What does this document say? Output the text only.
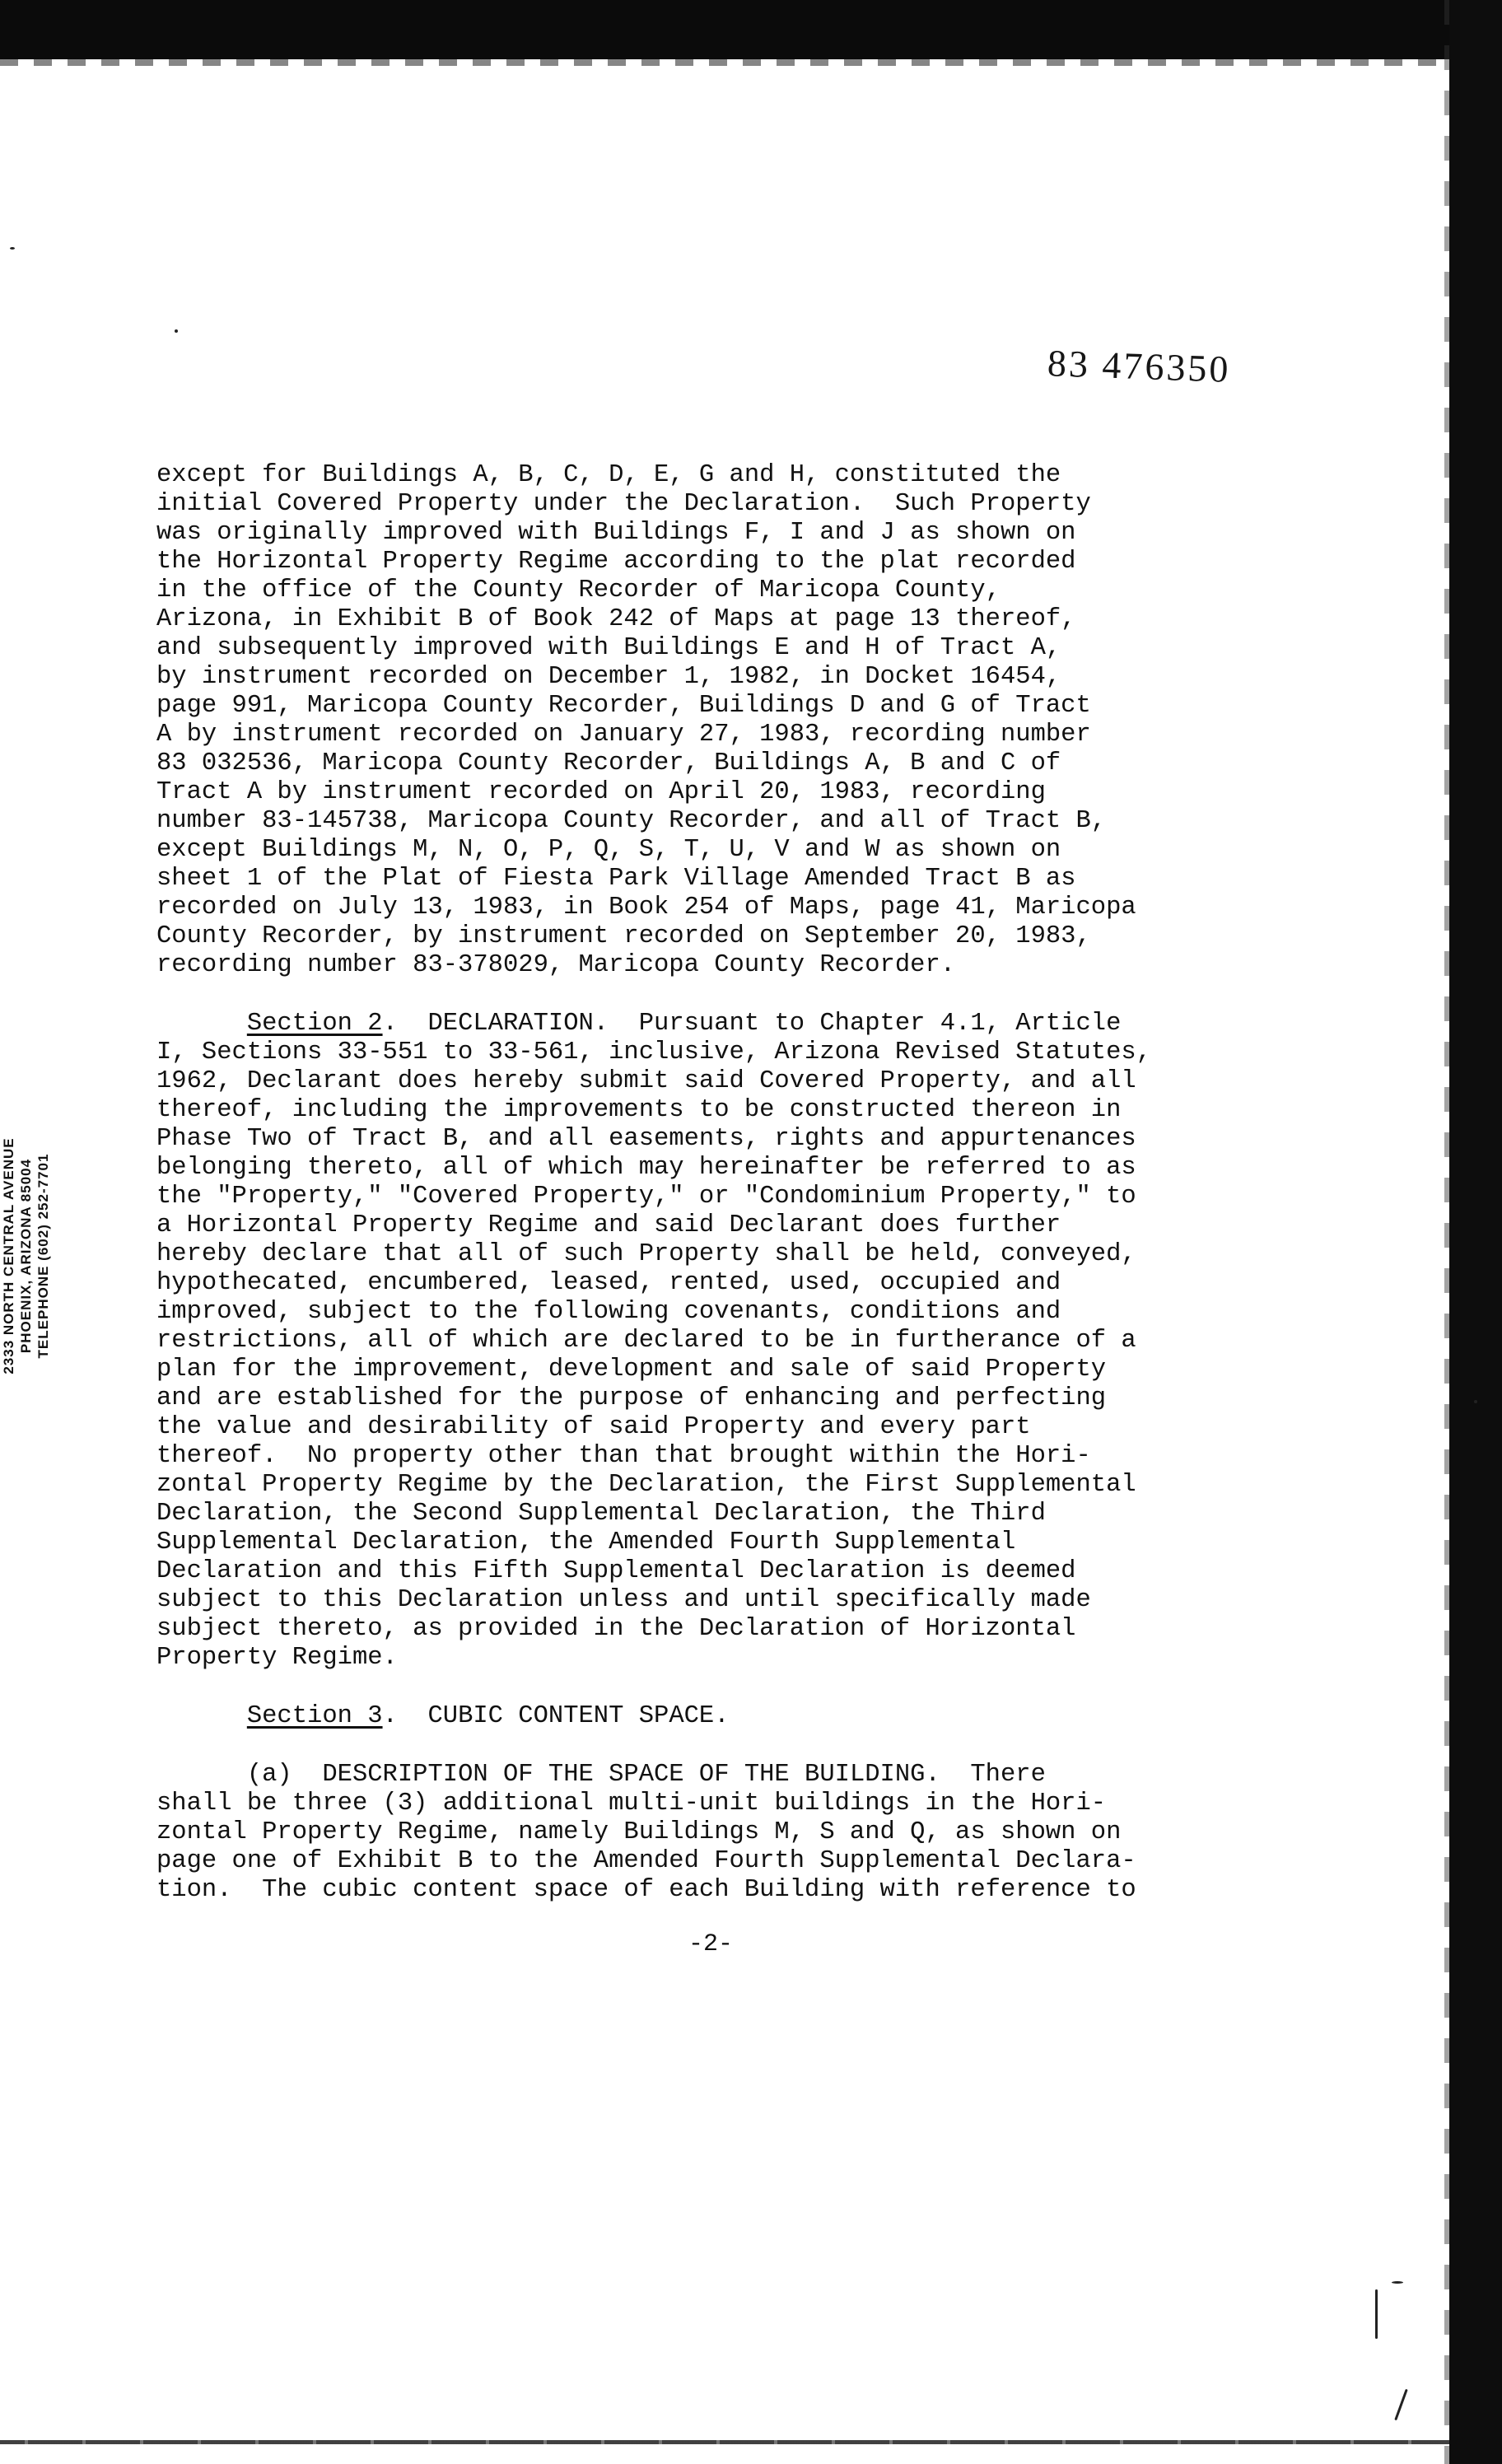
83 476350
2333 NORTH CENTRAL AVENUE PHOENIX, ARIZONA 85004 TELEPHONE (602) 252-7701
except for Buildings A, B, C, D, E, G and H, constituted the
initial Covered Property under the Declaration.  Such Property
was originally improved with Buildings F, I and J as shown on
the Horizontal Property Regime according to the plat recorded
in the office of the County Recorder of Maricopa County,
Arizona, in Exhibit B of Book 242 of Maps at page 13 thereof,
and subsequently improved with Buildings E and H of Tract A,
by instrument recorded on December 1, 1982, in Docket 16454,
page 991, Maricopa County Recorder, Buildings D and G of Tract
A by instrument recorded on January 27, 1983, recording number
83 032536, Maricopa County Recorder, Buildings A, B and C of
Tract A by instrument recorded on April 20, 1983, recording
number 83-145738, Maricopa County Recorder, and all of Tract B,
except Buildings M, N, O, P, Q, S, T, U, V and W as shown on
sheet 1 of the Plat of Fiesta Park Village Amended Tract B as
recorded on July 13, 1983, in Book 254 of Maps, page 41, Maricopa
County Recorder, by instrument recorded on September 20, 1983,
recording number 83-378029, Maricopa County Recorder.
Section 2.  DECLARATION.  Pursuant to Chapter 4.1, Article
I, Sections 33-551 to 33-561, inclusive, Arizona Revised Statutes,
1962, Declarant does hereby submit said Covered Property, and all
thereof, including the improvements to be constructed thereon in
Phase Two of Tract B, and all easements, rights and appurtenances
belonging thereto, all of which may hereinafter be referred to as
the "Property," "Covered Property," or "Condominium Property," to
a Horizontal Property Regime and said Declarant does further
hereby declare that all of such Property shall be held, conveyed,
hypothecated, encumbered, leased, rented, used, occupied and
improved, subject to the following covenants, conditions and
restrictions, all of which are declared to be in furtherance of a
plan for the improvement, development and sale of said Property
and are established for the purpose of enhancing and perfecting
the value and desirability of said Property and every part
thereof.  No property other than that brought within the Hori-
zontal Property Regime by the Declaration, the First Supplemental
Declaration, the Second Supplemental Declaration, the Third
Supplemental Declaration, the Amended Fourth Supplemental
Declaration and this Fifth Supplemental Declaration is deemed
subject to this Declaration unless and until specifically made
subject thereto, as provided in the Declaration of Horizontal
Property Regime.
Section 3.  CUBIC CONTENT SPACE.
(a)  DESCRIPTION OF THE SPACE OF THE BUILDING.  There
shall be three (3) additional multi-unit buildings in the Hori-
zontal Property Regime, namely Buildings M, S and Q, as shown on
page one of Exhibit B to the Amended Fourth Supplemental Declara-
tion.  The cubic content space of each Building with reference to
-2-
